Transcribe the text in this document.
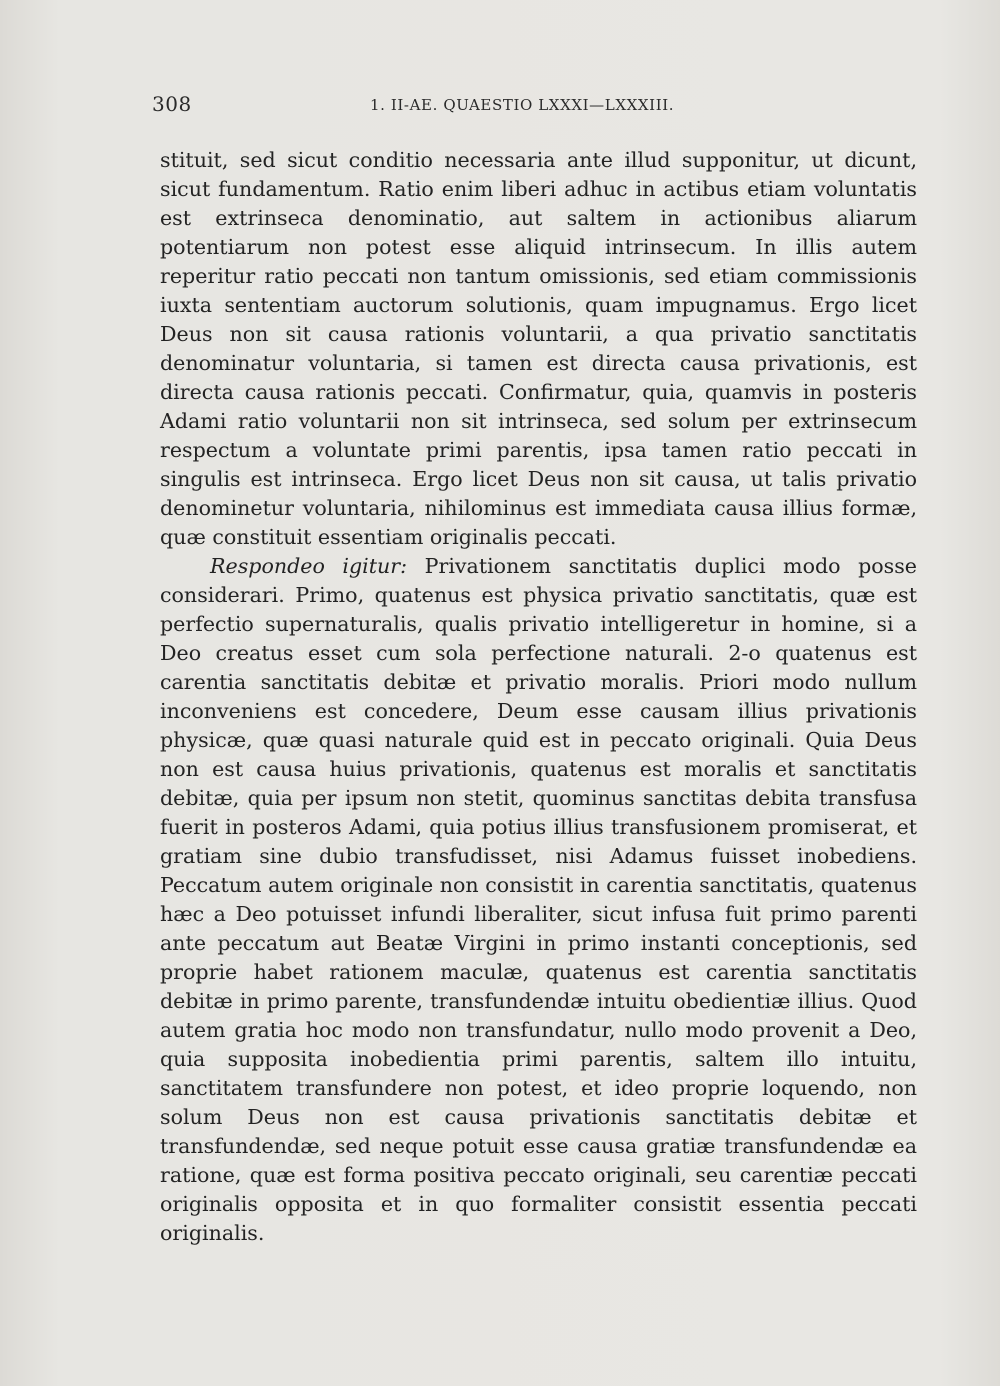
308	1. II-AE. QUAESTIO LXXXI—LXXXIII.

stituit, sed sicut conditio necessaria ante illud supponitur, ut dicunt, sicut fundamentum. Ratio enim liberi adhuc in actibus etiam voluntatis est extrinseca denominatio, aut saltem in actionibus aliarum potentiarum non potest esse aliquid intrinsecum. In illis autem reperitur ratio peccati non tantum omissionis, sed etiam commissionis iuxta sententiam auctorum solutionis, quam impugnamus. Ergo licet Deus non sit causa rationis voluntarii, a qua privatio sanctitatis denominatur voluntaria, si tamen est directa causa privationis, est directa causa rationis peccati. Confirmatur, quia, quamvis in posteris Adami ratio voluntarii non sit intrinseca, sed solum per extrinsecum respectum a voluntate primi parentis, ipsa tamen ratio peccati in singulis est intrinseca. Ergo licet Deus non sit causa, ut talis privatio denominetur voluntaria, nihilominus est immediata causa illius formæ, quæ constituit essentiam originalis peccati.

Respondeo igitur: Privationem sanctitatis duplici modo posse considerari. Primo, quatenus est physica privatio sanctitatis, quæ est perfectio supernaturalis, qualis privatio intelligeretur in homine, si a Deo creatus esset cum sola perfectione naturali. 2-o quatenus est carentia sanctitatis debitæ et privatio moralis. Priori modo nullum inconveniens est concedere, Deum esse causam illius privationis physicæ, quæ quasi naturale quid est in peccato originali. Quia Deus non est causa huius privationis, quatenus est moralis et sanctitatis debitæ, quia per ipsum non stetit, quominus sanctitas debita transfusa fuerit in posteros Adami, quia potius illius transfusionem promiserat, et gratiam sine dubio transfudisset, nisi Adamus fuisset inobediens. Peccatum autem originale non consistit in carentia sanctitatis, quatenus hæc a Deo potuisset infundi liberaliter, sicut infusa fuit primo parenti ante peccatum aut Beatæ Virgini in primo instanti conceptionis, sed proprie habet rationem maculæ, quatenus est carentia sanctitatis debitæ in primo parente, transfundendæ intuitu obedientiæ illius. Quod autem gratia hoc modo non transfundatur, nullo modo provenit a Deo, quia supposita inobedientia primi parentis, saltem illo intuitu, sanctitatem transfundere non potest, et ideo proprie loquendo, non solum Deus non est causa privationis sanctitatis debitæ et transfundendæ, sed neque potuit esse causa gratiæ transfundendæ ea ratione, quæ est forma positiva peccato originali, seu carentiæ peccati originalis opposita et in quo formaliter consistit essentia peccati originalis.
